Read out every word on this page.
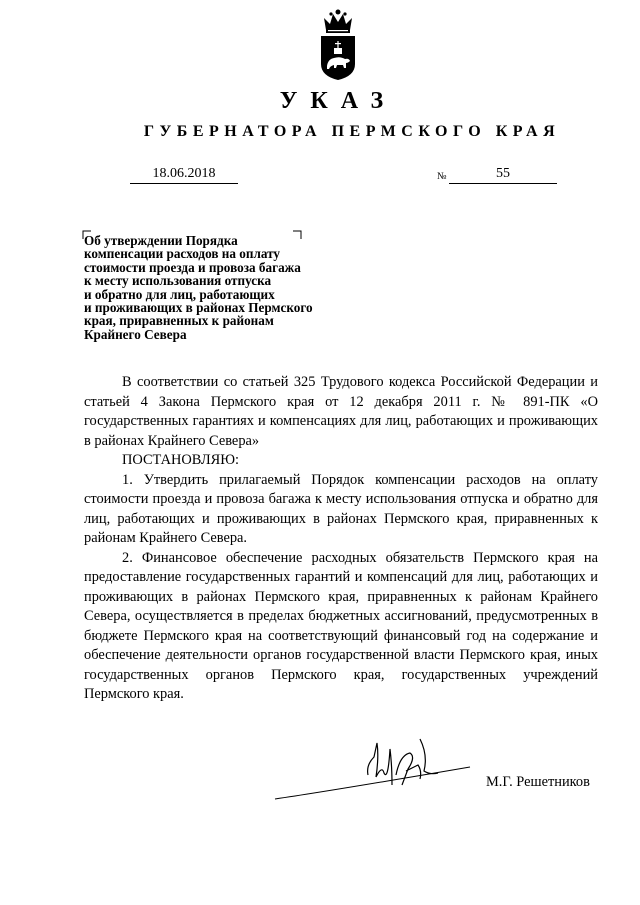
УКАЗ
ГУБЕРНАТОРА ПЕРМСКОГО КРАЯ
18.06.2018	№	55
Об утверждении Порядка
компенсации расходов на оплату
стоимости проезда и провоза багажа
к месту использования отпуска
и обратно для лиц, работающих
и проживающих в районах Пермского
края, приравненных к районам
Крайнего Севера

В соответствии со статьей 325 Трудового кодекса Российской Федерации и статьей 4 Закона Пермского края от 12 декабря 2011 г. № 891-ПК «О государственных гарантиях и компенсациях для лиц, работающих и проживающих в районах Крайнего Севера»

ПОСТАНОВЛЯЮ:

1. Утвердить прилагаемый Порядок компенсации расходов на оплату стоимости проезда и провоза багажа к месту использования отпуска и обратно для лиц, работающих и проживающих в районах Пермского края, приравненных к районам Крайнего Севера.

2. Финансовое обеспечение расходных обязательств Пермского края на предоставление государственных гарантий и компенсаций для лиц, работающих и проживающих в районах Пермского края, приравненных к районам Крайнего Севера, осуществляется в пределах бюджетных ассигнований, предусмотренных в бюджете Пермского края на соответствующий финансовый год на содержание и обеспечение деятельности органов государственной власти Пермского края, иных государственных органов Пермского края, государственных учреждений Пермского края.

М.Г. Решетников
